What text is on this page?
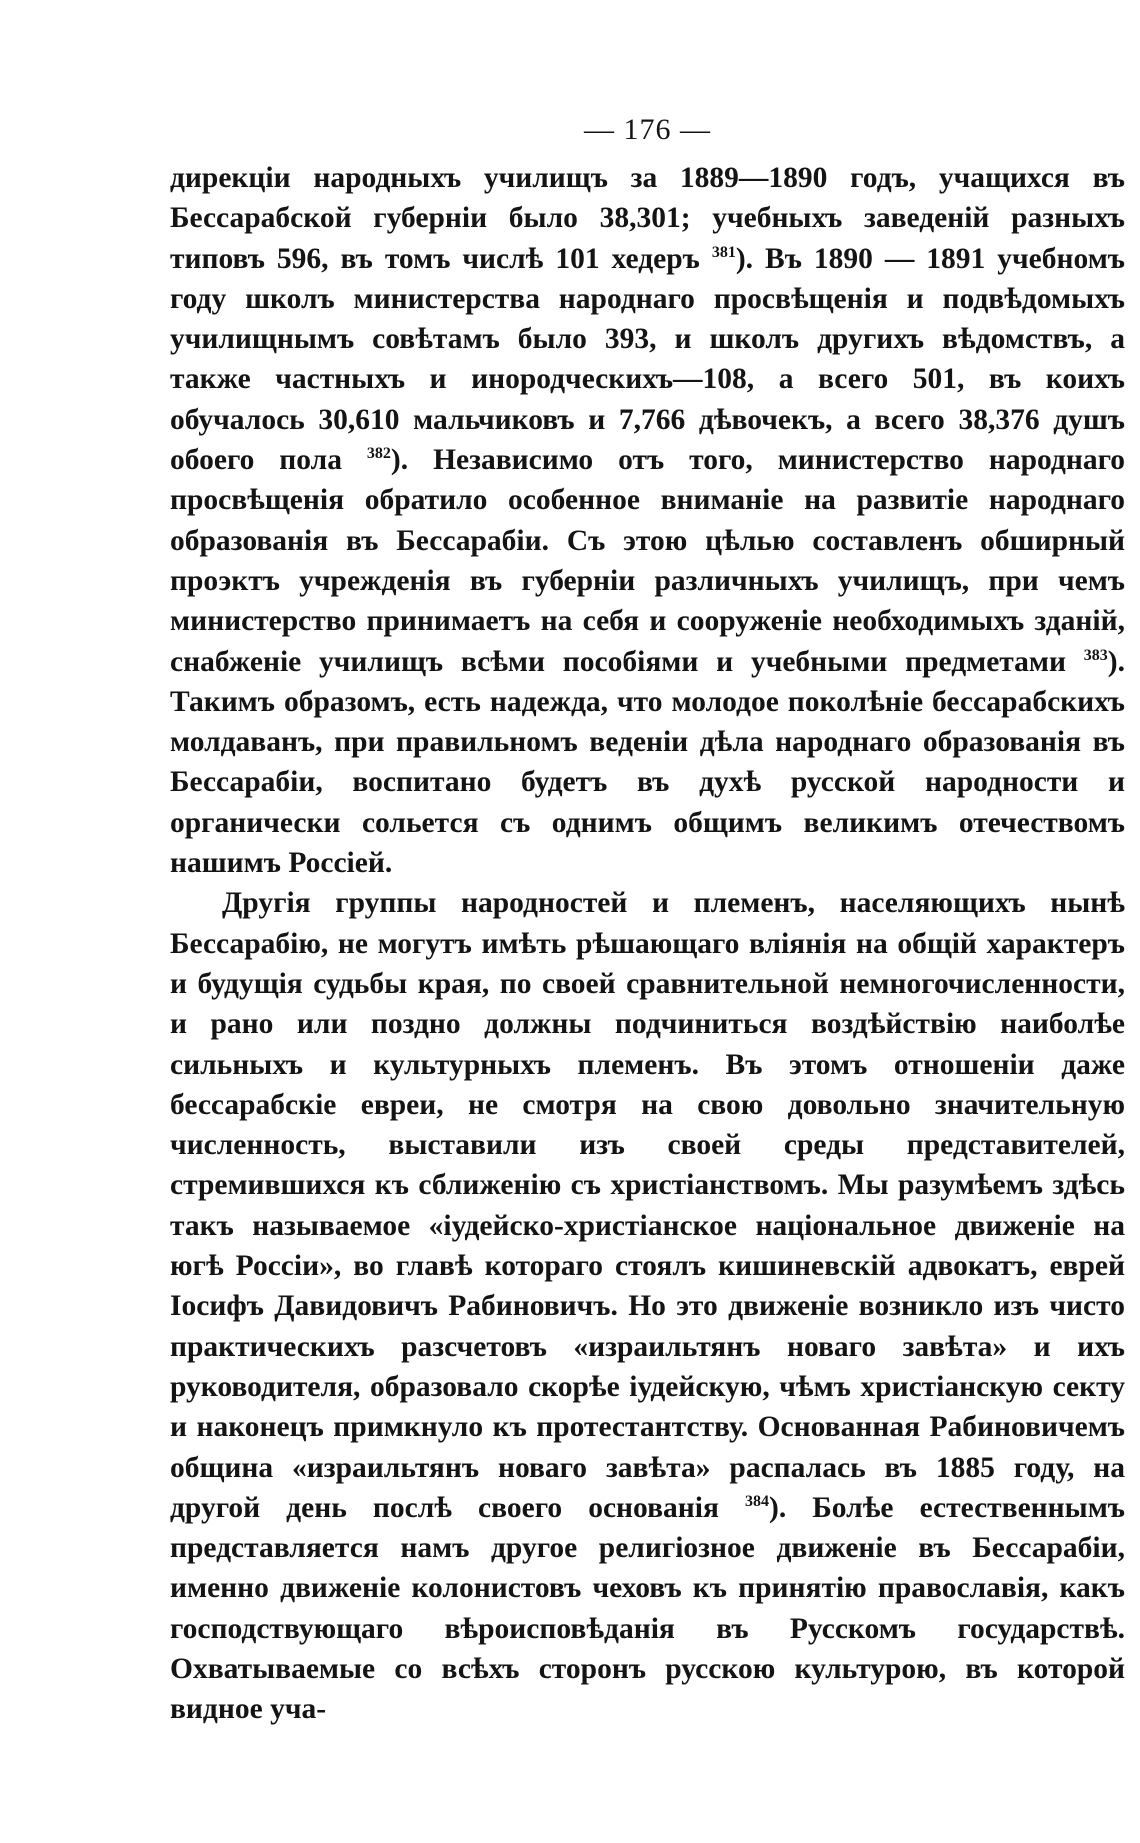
— 176 —

дирекціи народныхъ училищъ за 1889—1890 годъ, учащихся въ Бессарабской губерніи было 38,301; учебныхъ заведеній разныхъ типовъ 596, въ томъ числѣ 101 хедеръ $^{381}$). Въ 1890 — 1891 учебномъ году школъ министерства народнаго просвѣщенія и подвѣдомыхъ училищнымъ совѣтамъ было 393, и школъ другихъ вѣдомствъ, а также частныхъ и инородческихъ—108, а всего 501, въ коихъ обучалось 30,610 мальчиковъ и 7,766 дѣвочекъ, а всего 38,376 душъ обоего пола $^{382}$). Независимо отъ того, министерство народнаго просвѣщенія обратило особенное вниманіе на развитіе народнаго образованія въ Бессарабіи. Съ этою цѣлью составленъ обширный проэктъ учрежденія въ губерніи различныхъ училищъ, при чемъ министерство принимаетъ на себя и сооруженіе необходимыхъ зданій, снабженіе училищъ всѣми пособіями и учебными предметами $^{383}$). Такимъ образомъ, есть надежда, что молодое поколѣніе бессарабскихъ молдаванъ, при правильномъ веденіи дѣла народнаго образованія въ Бессарабіи, воспитано будетъ въ духѣ русской народности и органически сольется съ однимъ общимъ великимъ отечествомъ нашимъ Россіей.

Другія группы народностей и племенъ, населяющихъ нынѣ Бессарабію, не могутъ имѣть рѣшающаго вліянія на общій характеръ и будущія судьбы края, по своей сравнительной немногочисленности, и рано или поздно должны подчиниться воздѣйствію наиболѣе сильныхъ и культурныхъ племенъ. Въ этомъ отношеніи даже бессарабскіе евреи, не смотря на свою довольно значительную численность, выставили изъ своей среды представителей, стремившихся къ сближенію съ христіанствомъ. Мы разумѣемъ здѣсь такъ называемое «іудейско-христіанское національное движеніе на югѣ Россіи», во главѣ котораго стоялъ кишиневскій адвокатъ, еврей Іосифъ Давидовичъ Рабиновичъ. Но это движеніе возникло изъ чисто практическихъ разсчетовъ «израильтянъ новаго завѣта» и ихъ руководителя, образовало скорѣе іудейскую, чѣмъ христіанскую секту и наконецъ примкнуло къ протестантству. Основанная Рабиновичемъ община «израильтянъ новаго завѣта» распалась въ 1885 году, на другой день послѣ своего основанія $^{384}$). Болѣе естественнымъ представляется намъ другое религіозное движеніе въ Бессарабіи, именно движеніе колонистовъ чеховъ къ принятію православія, какъ господствующаго вѣроисповѣданія въ Русскомъ государствѣ. Охватываемые со всѣхъ сторонъ русскою культурою, въ которой видное уча-
